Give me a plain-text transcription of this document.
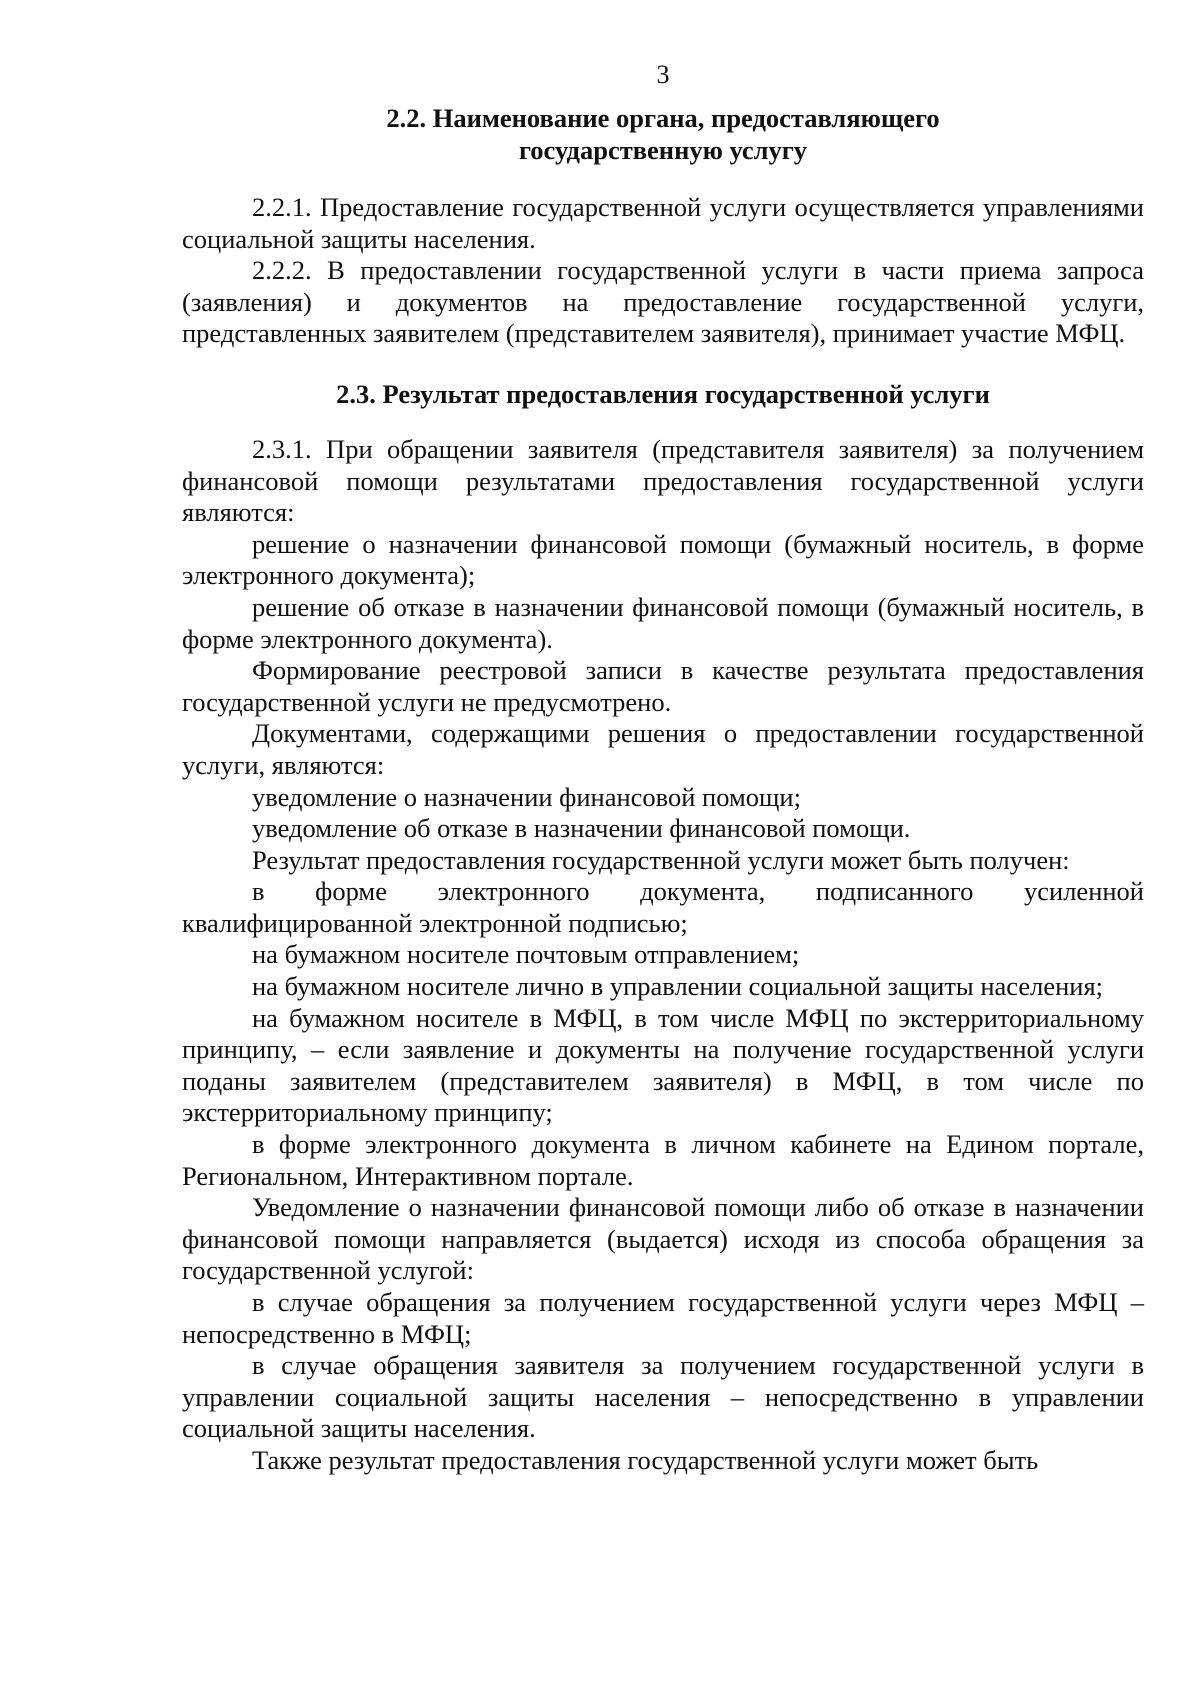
3
2.2. Наименование органа, предоставляющего
государственную услугу

2.2.1. Предоставление государственной услуги осуществляется управлениями социальной защиты населения.

2.2.2. В предоставлении государственной услуги в части приема запроса (заявления) и документов на предоставление государственной услуги, представленных заявителем (представителем заявителя), принимает участие МФЦ.

2.3. Результат предоставления государственной услуги

2.3.1. При обращении заявителя (представителя заявителя) за получением финансовой помощи результатами предоставления государственной услуги являются:

решение о назначении финансовой помощи (бумажный носитель, в форме электронного документа);

решение об отказе в назначении финансовой помощи (бумажный носитель, в форме электронного документа).

Формирование реестровой записи в качестве результата предоставления государственной услуги не предусмотрено.

Документами, содержащими решения о предоставлении государственной услуги, являются:

уведомление о назначении финансовой помощи;

уведомление об отказе в назначении финансовой помощи.

Результат предоставления государственной услуги может быть получен:

в форме электронного документа, подписанного усиленной квалифицированной электронной подписью;

на бумажном носителе почтовым отправлением;

на бумажном носителе лично в управлении социальной защиты населения;

на бумажном носителе в МФЦ, в том числе МФЦ по экстерриториальному принципу, – если заявление и документы на получение государственной услуги поданы заявителем (представителем заявителя) в МФЦ, в том числе по экстерриториальному принципу;

в форме электронного документа в личном кабинете на Едином портале, Региональном, Интерактивном портале.

Уведомление о назначении финансовой помощи либо об отказе в назначении финансовой помощи направляется (выдается) исходя из способа обращения за государственной услугой:

в случае обращения за получением государственной услуги через МФЦ – непосредственно в МФЦ;

в случае обращения заявителя за получением государственной услуги в управлении социальной защиты населения – непосредственно в управлении социальной защиты населения.

Также результат предоставления государственной услуги может быть
